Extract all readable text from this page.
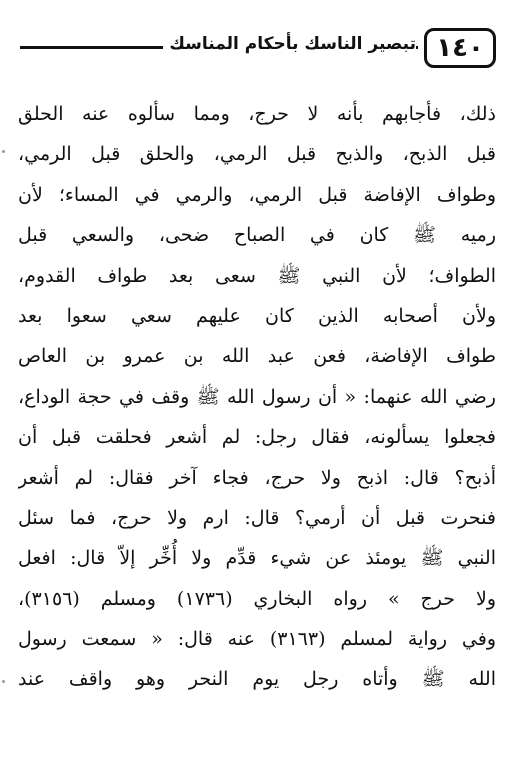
تبصير الناسك بأحكام المناسك ١٤٠
ذلك، فأجابهم بأنه لا حرج، ومما سألوه عنه الحلق
قبل الذبح، والذبح قبل الرمي، والحلق قبل الرمي،
وطواف الإفاضة قبل الرمي، والرمي في المساء؛ لأن
رميه ﷺ كان في الصباح ضحى، والسعي قبل
الطواف؛ لأن النبي ﷺ سعى بعد طواف القدوم،
ولأن أصحابه الذين كان عليهم سعي سعوا بعد
طواف الإفاضة، فعن عبد الله بن عمرو بن العاص
رضي الله عنهما: « أن رسول الله ﷺ وقف في حجة الوداع،
فجعلوا يسألونه، فقال رجل: لم أشعر فحلقت قبل أن
أذبح؟ قال: اذبح ولا حرج، فجاء آخر فقال: لم أشعر
فنحرت قبل أن أرمي؟ قال: ارم ولا حرج، فما سئل
النبي ﷺ يومئذ عن شيء قدِّم ولا أُخِّر إلاّ قال: افعل
ولا حرج » رواه البخاري (١٧٣٦) ومسلم (٣١٥٦)،
وفي رواية لمسلم (٣١٦٣) عنه قال: « سمعت رسول
الله ﷺ وأتاه رجل يوم النحر وهو واقف عند
